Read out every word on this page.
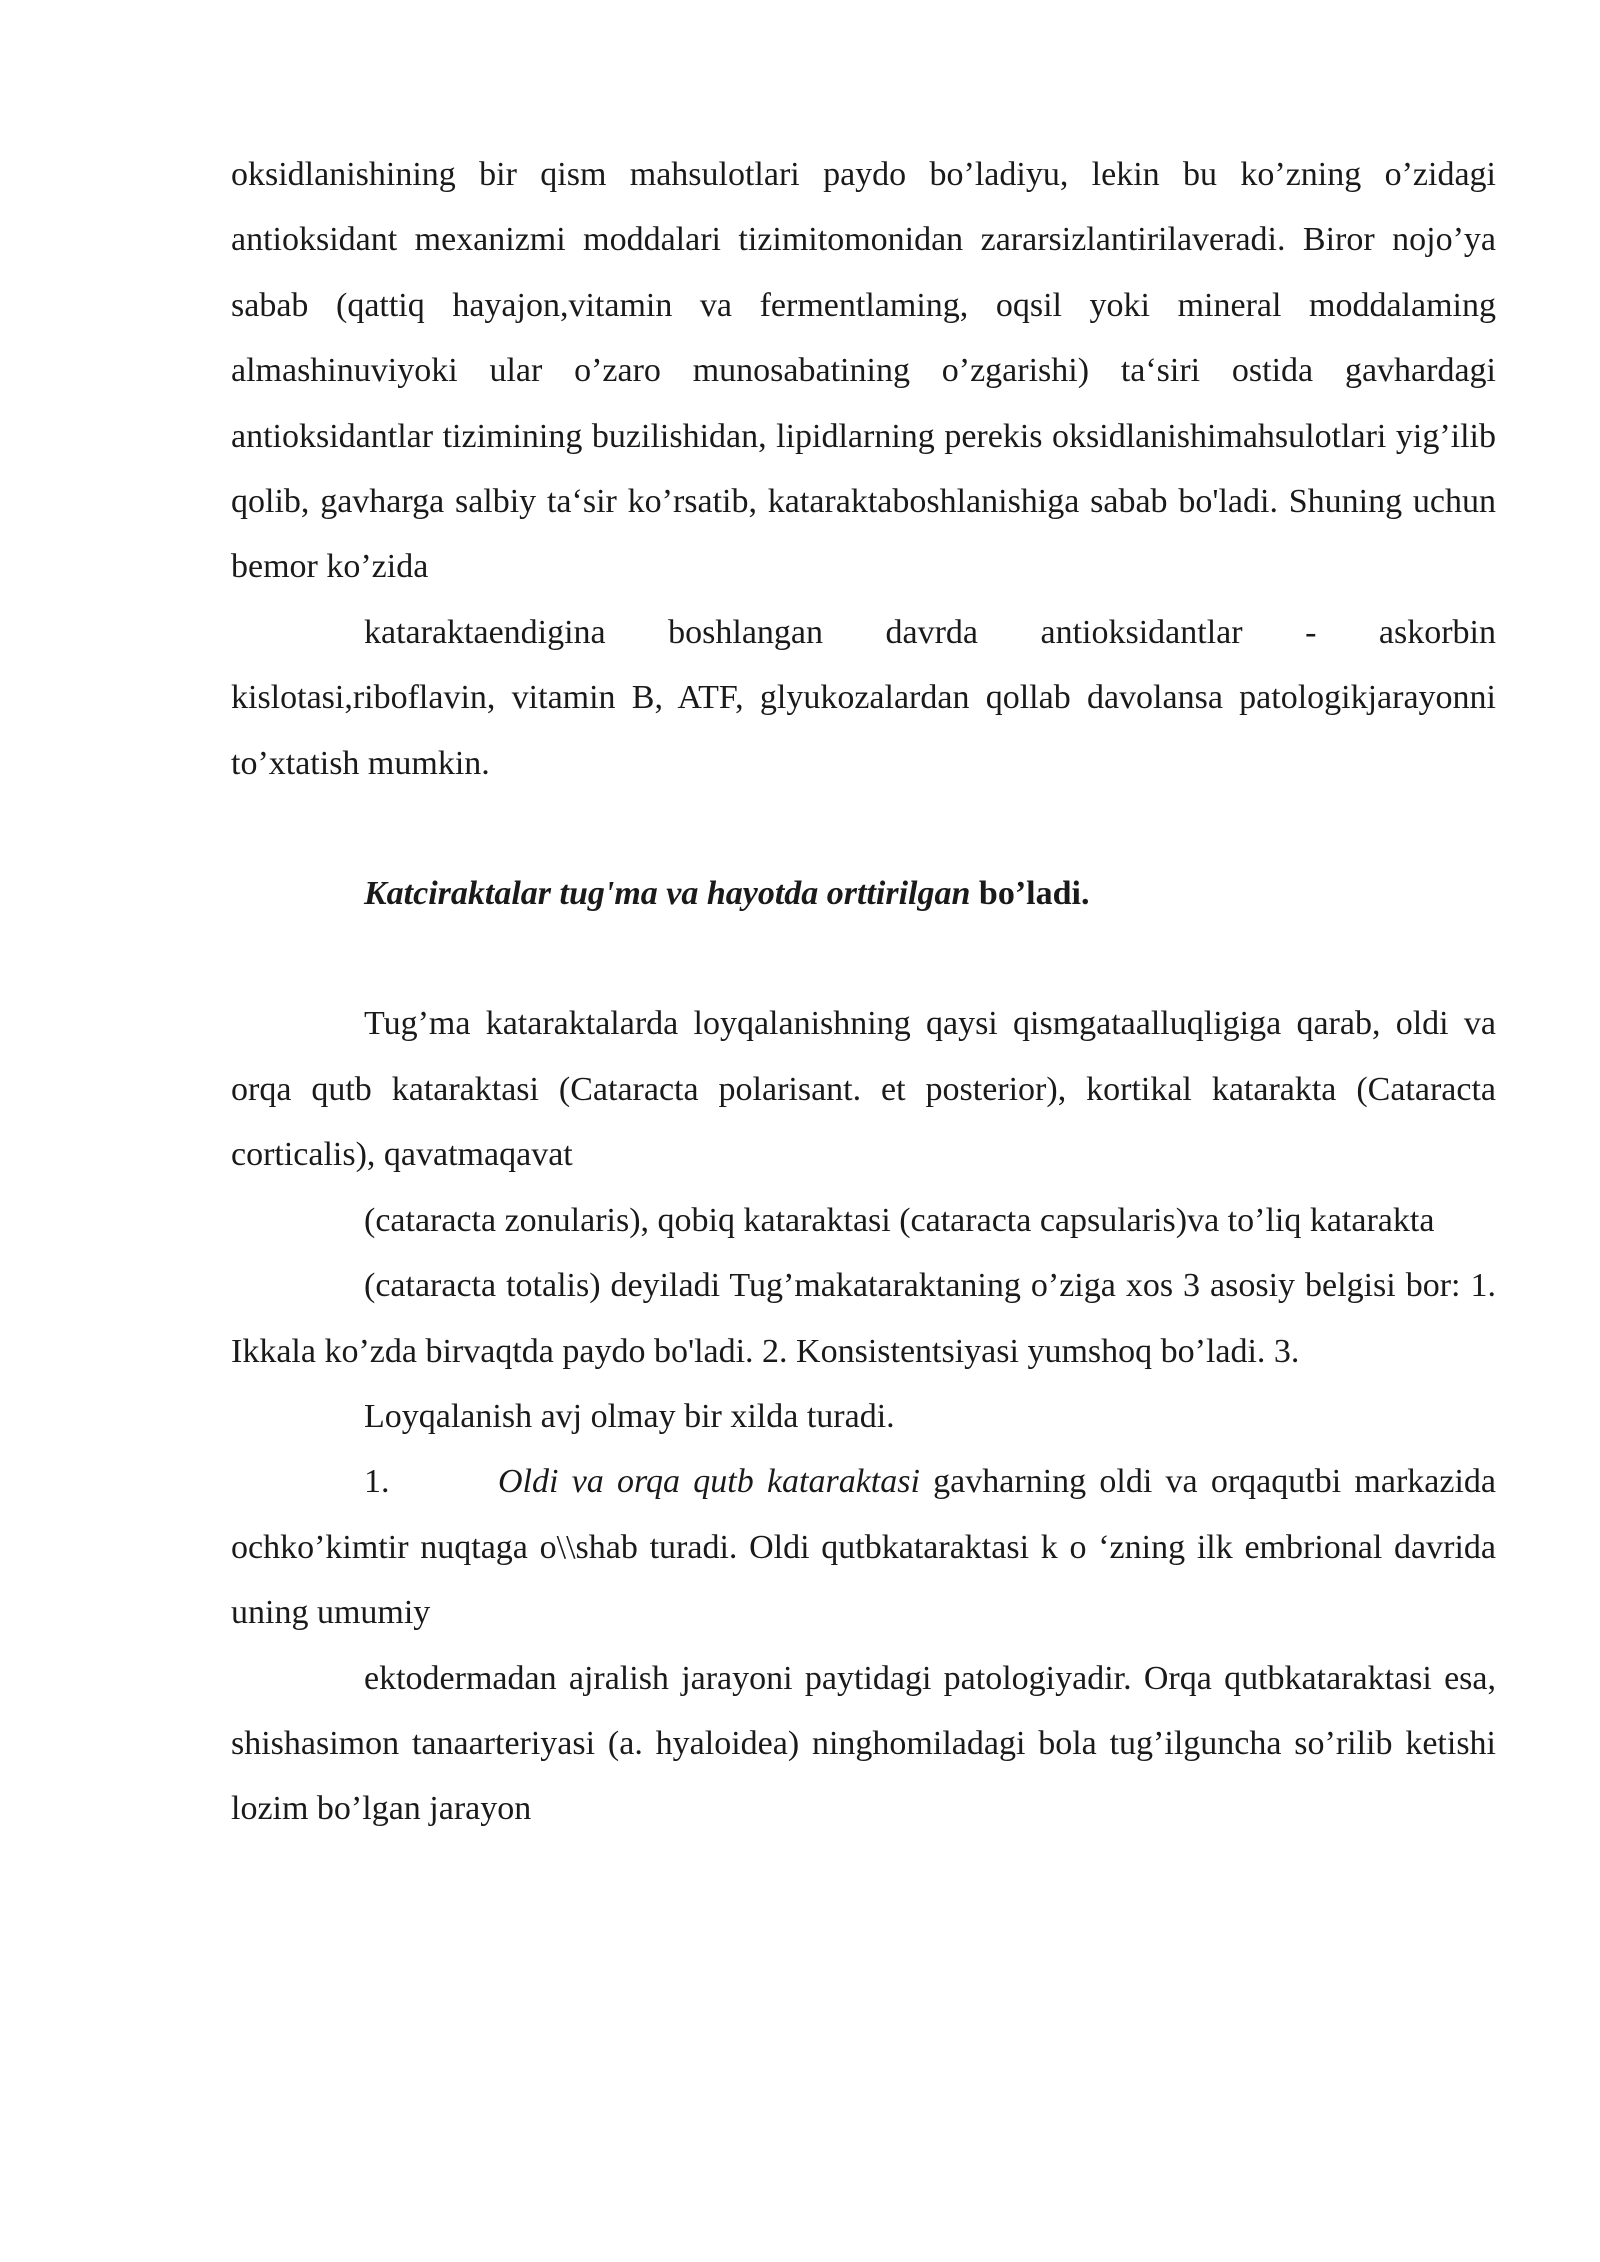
oksidlanishining bir qism mahsulotlari paydo bo’ladiyu, lekin bu ko’zning o’zidagi antioksidant mexanizmi moddalari tizimitomonidan zararsizlantirilaveradi. Biror nojo’ya sabab (qattiq hayajon,vitamin va fermentlaming, oqsil yoki mineral moddalaming almashinuviyoki ular o’zaro munosabatining o’zgarishi) ta‘siri ostida gavhardagi antioksidantlar tizimining buzilishidan, lipidlarning perekis oksidlanishimahsulotlari yig’ilib qolib, gavharga salbiy ta‘sir ko’rsatib, kataraktaboshlanishiga sabab bo'ladi. Shuning uchun bemor ko’zida

kataraktaendigina boshlangan davrda antioksidantlar - askorbin kislotasi,riboflavin, vitamin B, ATF, glyukozalardan qollab davolansa patologikjarayonni to’xtatish mumkin.

Katciraktalar tug'ma va hayotda orttirilgan bo’ladi.

Tug’ma kataraktalarda loyqalanishning qaysi qismgataalluqligiga qarab, oldi va orqa qutb kataraktasi (Cataracta polarisant. et posterior), kortikal katarakta (Cataracta corticalis), qavatmaqavat

(cataracta zonularis), qobiq kataraktasi (cataracta capsularis)va to’liq katarakta

(cataracta totalis) deyiladi Tug’makataraktaning o’ziga xos 3 asosiy belgisi bor: 1. Ikkala ko’zda birvaqtda paydo bo'ladi. 2. Konsistentsiyasi yumshoq bo’ladi. 3.

Loyqalanish avj olmay bir xilda turadi.

1.	Oldi va orqa qutb kataraktasi gavharning oldi va orqaqutbi markazida ochko’kimtir nuqtaga o\\shab turadi. Oldi qutbkataraktasi k o ‘zning ilk embrional davrida uning umumiy

ektodermadan ajralish jarayoni paytidagi patologiyadir. Orqa qutbkataraktasi esa, shishasimon tanaarteriyasi (a. hyaloidea) ninghomiladagi bola tug’ilguncha so’rilib ketishi lozim bo’lgan jarayon
